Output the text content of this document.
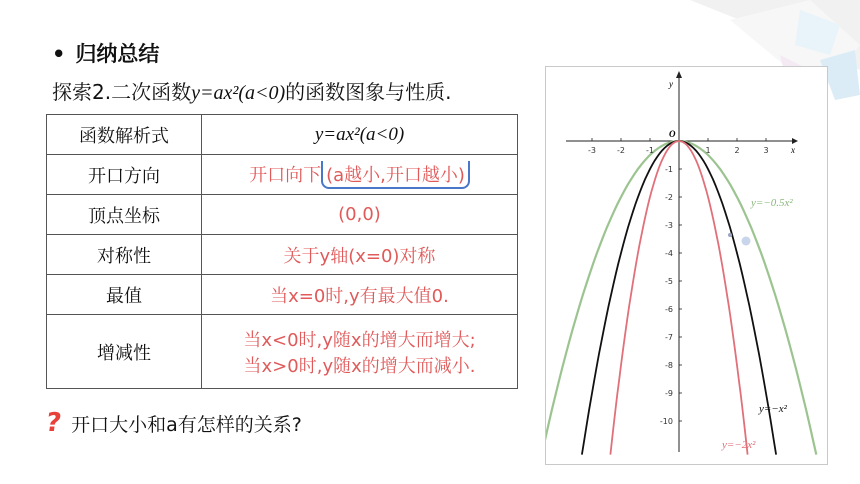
• 归纳总结
探索2.二次函数y=ax²(a<0)的函数图象与性质.
函数解析式	y=ax²(a<0)
开口方向	开口向下 (a越小,开口越小)
顶点坐标	(0,0)
对称性	关于y轴(x=0)对称
最值	当x=0时,y有最大值0.
增减性	当x<0时,y随x的增大而增大;
当x>0时,y随x的增大而减小.
? 开口大小和a有怎样的关系?
x
y
O
-3	-2	-1	1	2	3
-1
-2
-3
-4
-5
-6
-7
-8
-9
-10
y=−0.5x²
y=−x²
y=−2x²
